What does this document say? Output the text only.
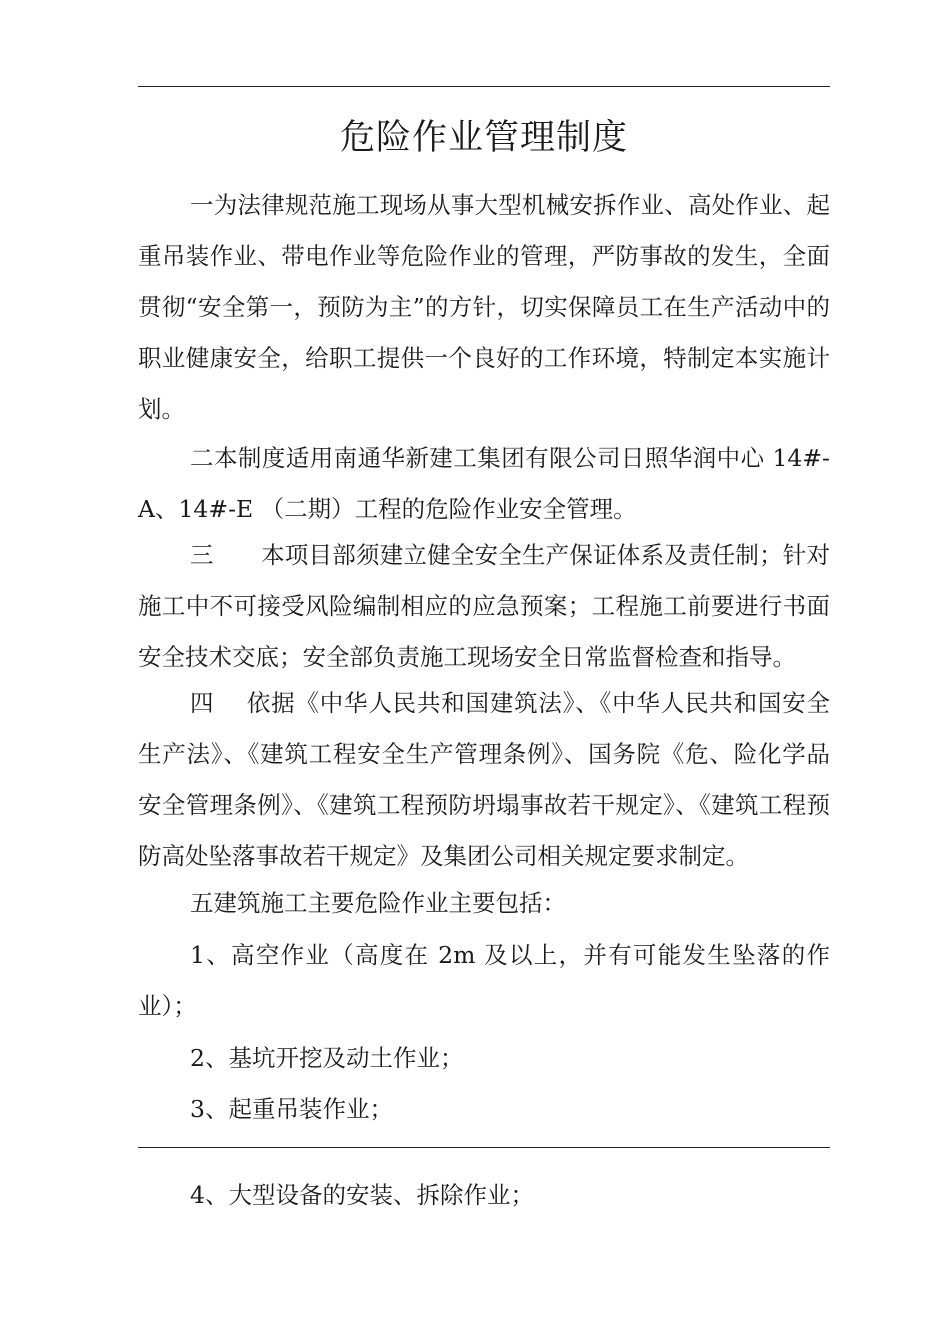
危险作业管理制度
一为法律规范施工现场从事大型机械安拆作业、高处作业、起重吊装作业、带电作业等危险作业的管理，严防事故的发生，全面贯彻“安全第一，预防为主”的方针，切实保障员工在生产活动中的职业健康安全，给职工提供一个良好的工作环境，特制定本实施计划。
二本制度适用南通华新建工集团有限公司日照华润中心 14#-A、14#-E （二期）工程的危险作业安全管理。
三　　本项目部须建立健全安全生产保证体系及责任制；针对施工中不可接受风险编制相应的应急预案；工程施工前要进行书面安全技术交底；安全部负责施工现场安全日常监督检查和指导。
四　 依据《中华人民共和国建筑法》、《中华人民共和国安全生产法》、《建筑工程安全生产管理条例》、国务院《危、险化学品安全管理条例》、《建筑工程预防坍塌事故若干规定》、《建筑工程预防高处坠落事故若干规定》及集团公司相关规定要求制定。
五建筑施工主要危险作业主要包括：
1、高空作业（高度在 2m 及以上，并有可能发生坠落的作业）；
2、基坑开挖及动土作业；
3、起重吊装作业；
4、大型设备的安装、拆除作业；
